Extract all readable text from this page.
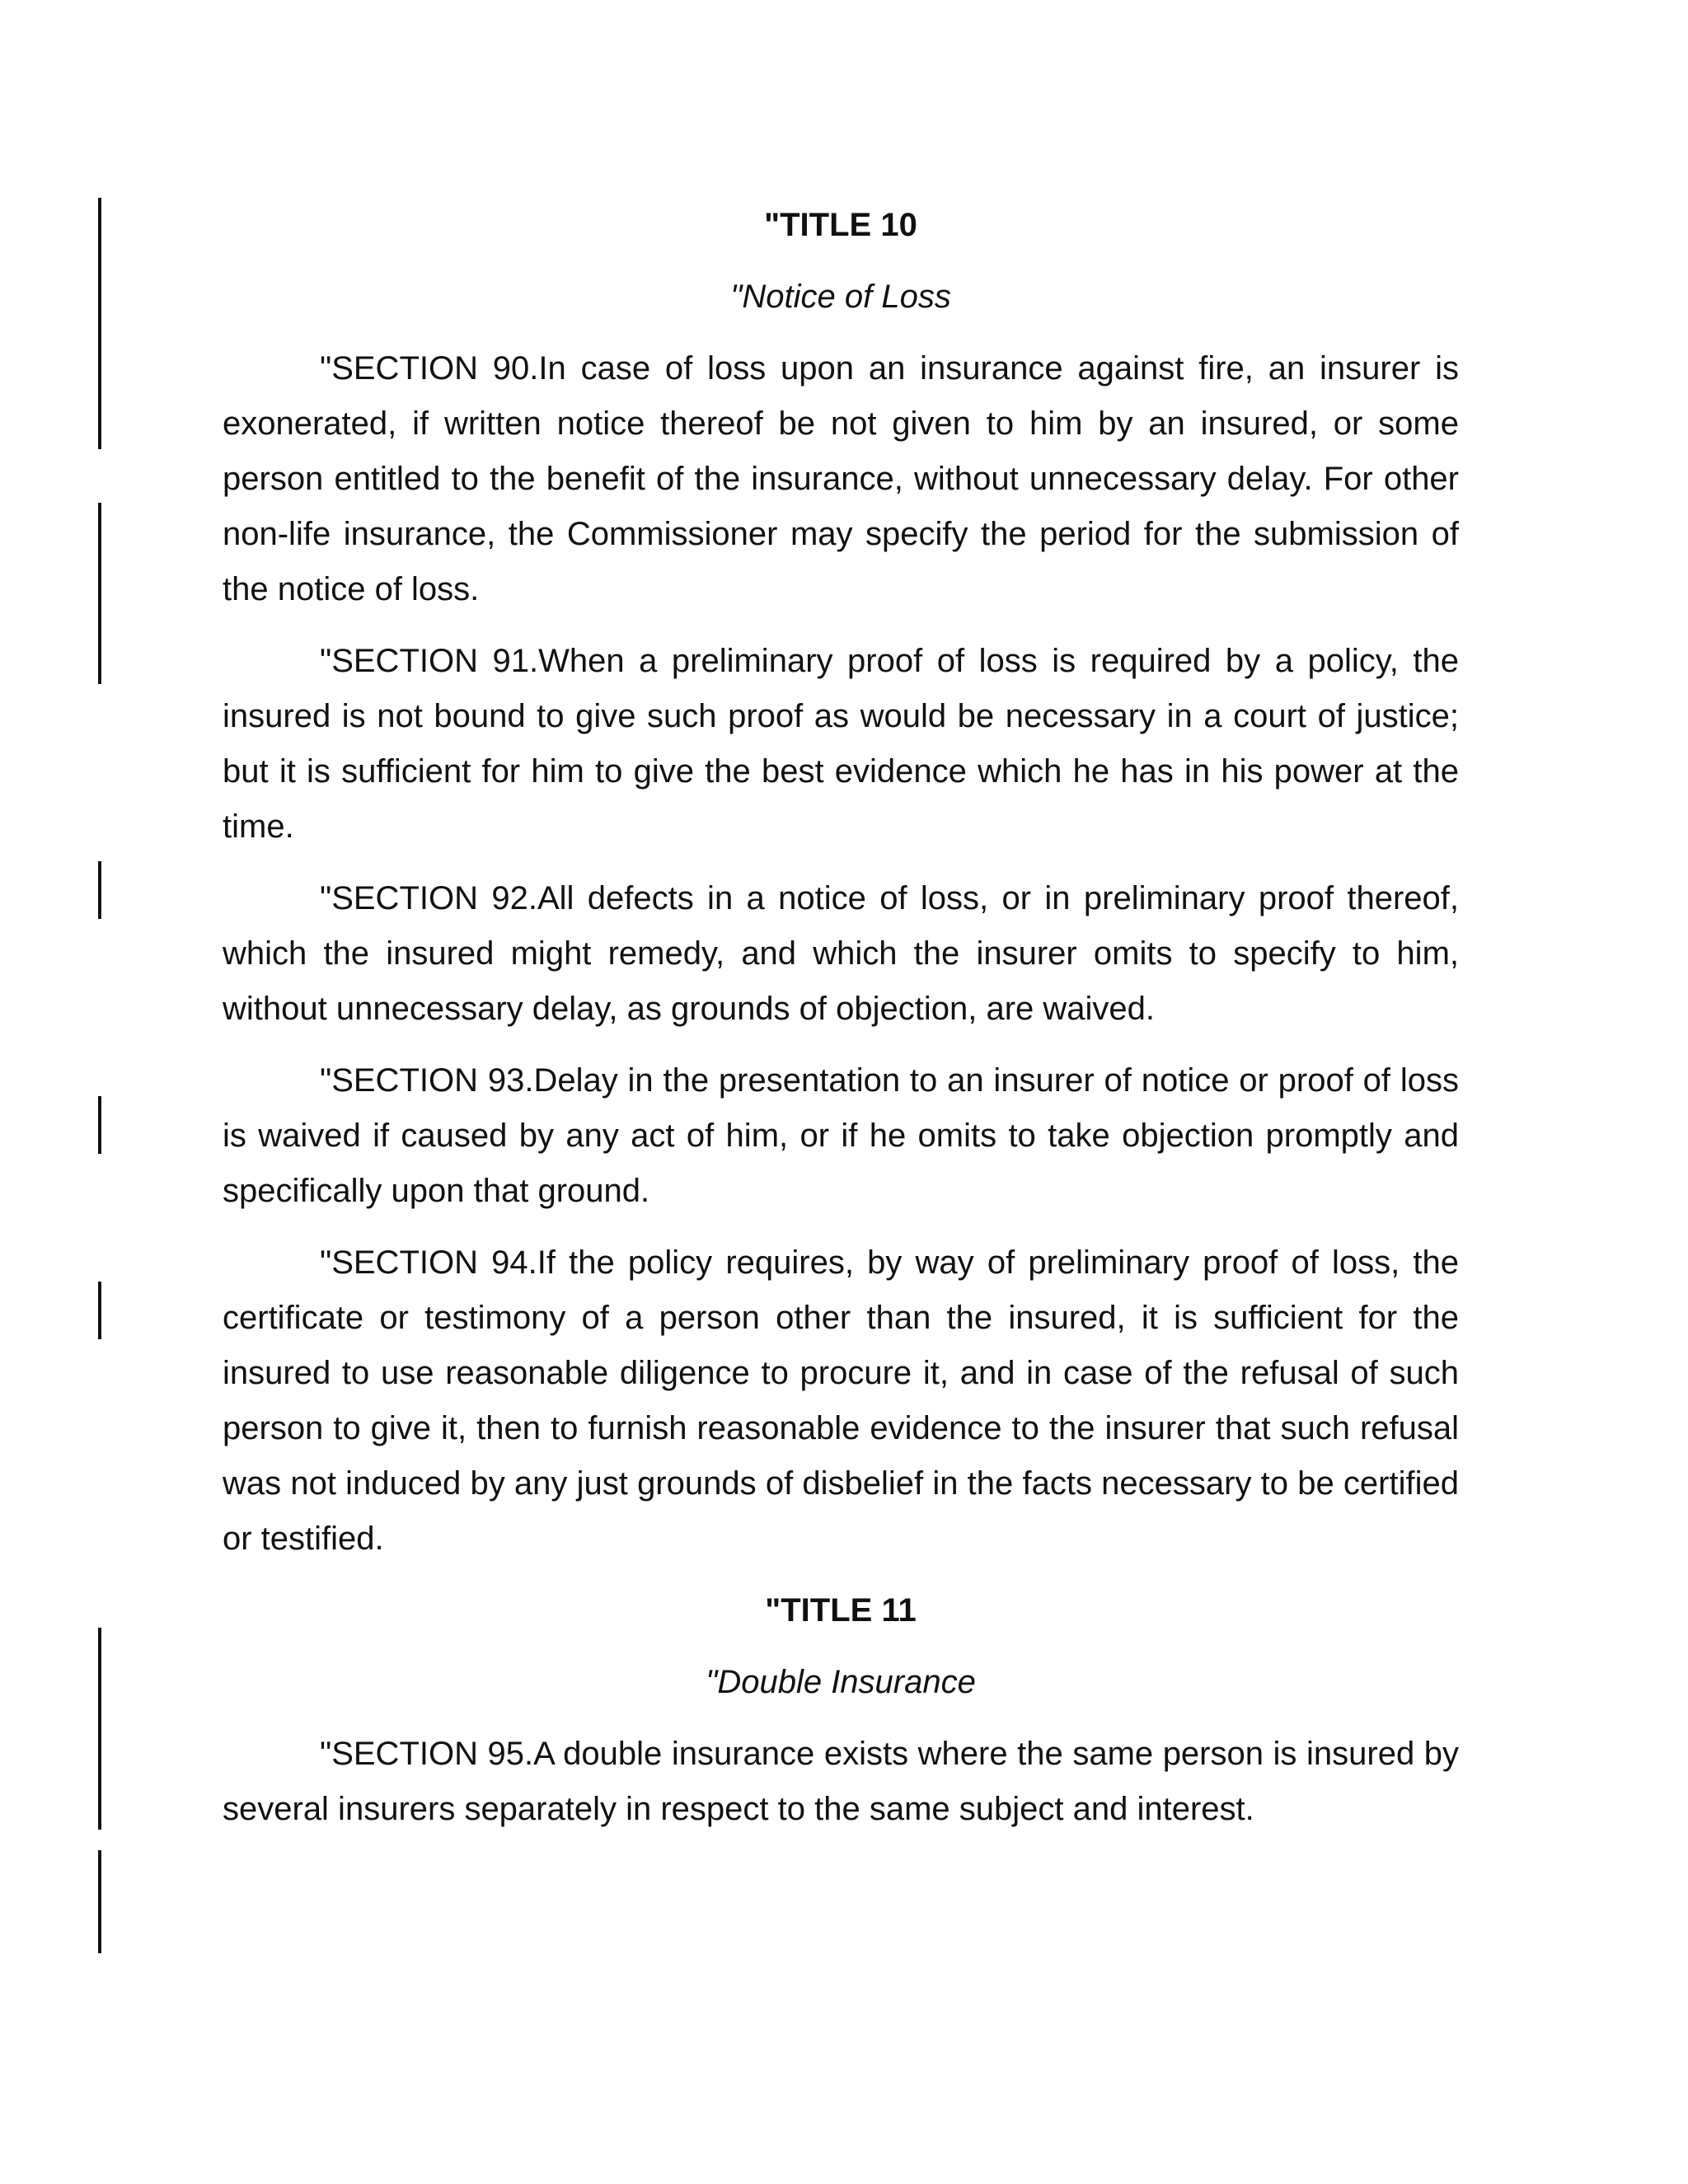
"TITLE 10

"Notice of Loss

"SECTION 90.In case of loss upon an insurance against fire, an insurer is exonerated, if written notice thereof be not given to him by an insured, or some person entitled to the benefit of the insurance, without unnecessary delay. For other non-life insurance, the Commissioner may specify the period for the submission of the notice of loss.

"SECTION 91.When a preliminary proof of loss is required by a policy, the insured is not bound to give such proof as would be necessary in a court of justice; but it is sufficient for him to give the best evidence which he has in his power at the time.

"SECTION 92.All defects in a notice of loss, or in preliminary proof thereof, which the insured might remedy, and which the insurer omits to specify to him, without unnecessary delay, as grounds of objection, are waived.

"SECTION 93.Delay in the presentation to an insurer of notice or proof of loss is waived if caused by any act of him, or if he omits to take objection promptly and specifically upon that ground.

"SECTION 94.If the policy requires, by way of preliminary proof of loss, the certificate or testimony of a person other than the insured, it is sufficient for the insured to use reasonable diligence to procure it, and in case of the refusal of such person to give it, then to furnish reasonable evidence to the insurer that such refusal was not induced by any just grounds of disbelief in the facts necessary to be certified or testified.

"TITLE 11

"Double Insurance

"SECTION 95.A double insurance exists where the same person is insured by several insurers separately in respect to the same subject and interest.
